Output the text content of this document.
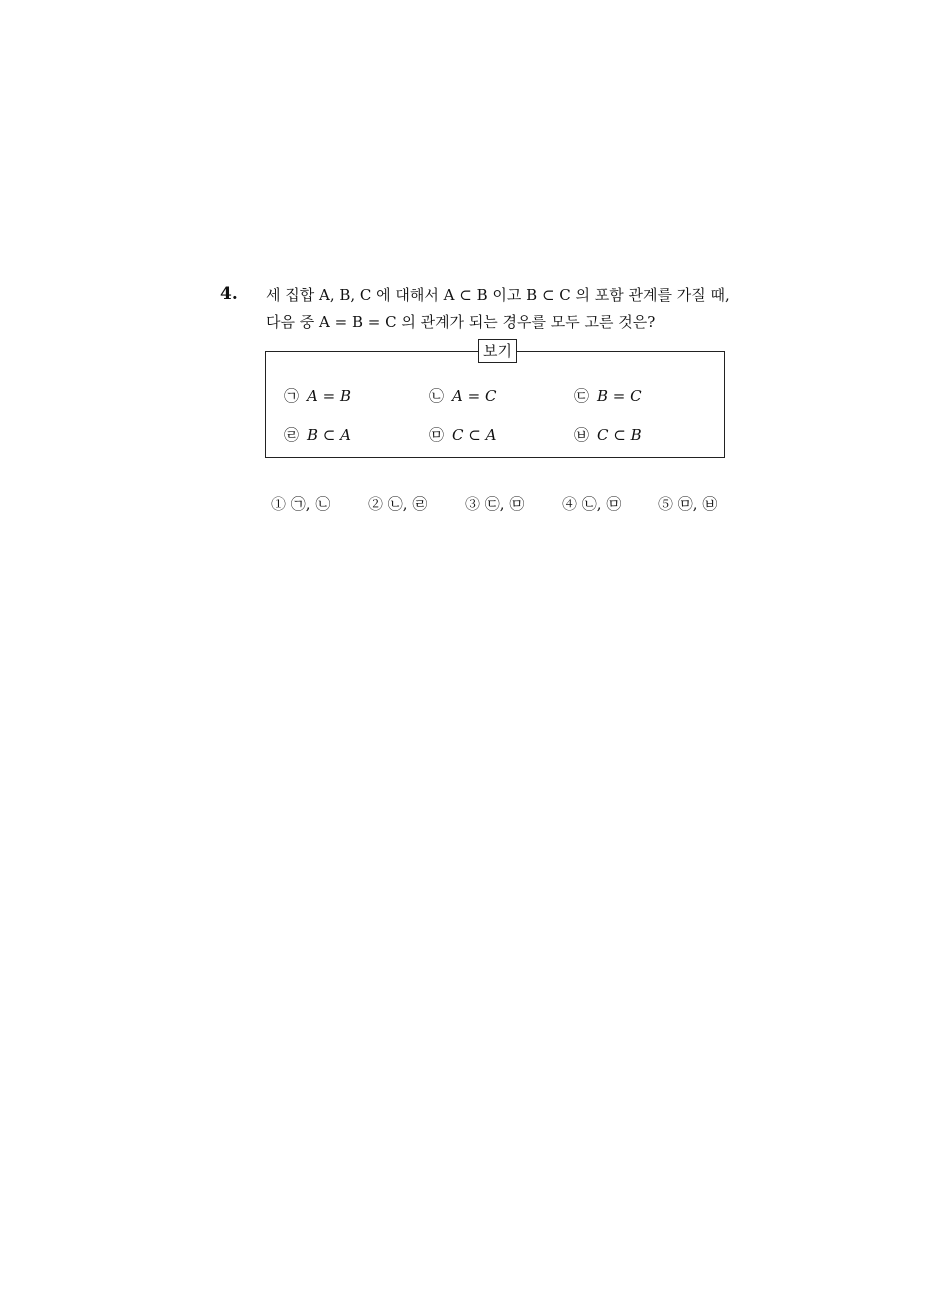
4. 세 집합 A, B, C 에 대해서 A ⊂ B 이고 B ⊂ C 의 포함 관계를 가질 때,
다음 중 A = B = C 의 관계가 되는 경우를 모두 고른 것은?
보기
㉠ A = B	㉡ A = C	㉢ B = C
㉣ B ⊂ A	㉤ C ⊂ A	㉥ C ⊂ B
① ㉠, ㉡	② ㉡, ㉣	③ ㉢, ㉤	④ ㉡, ㉤ ⑤ ㉤, ㉥
